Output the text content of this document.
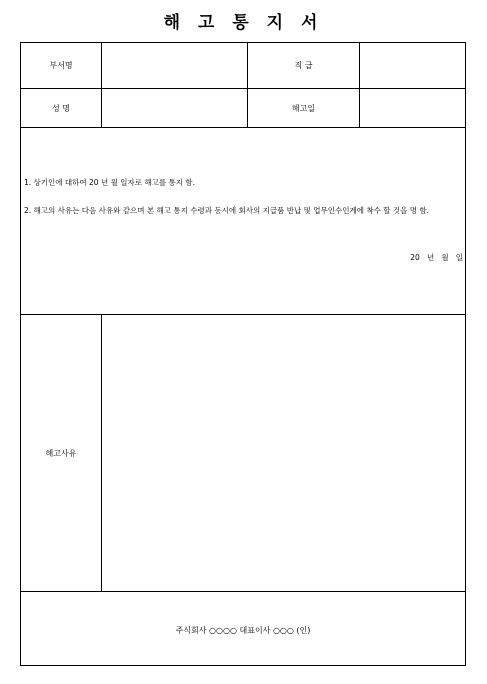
해 고 통 지 서
부서명	직 급
성 명	해고일
1. 상기인에 대하여 20 년 월 일자로 해고를 통지 함.
2. 해고의 사유는 다음 사유와 같으며 본 해고 통지 수령과 동시에 회사의 지급품 반납 및 업무인수인계에 착수 할 것을 명 함.
20   년   월   일
해고사유
주식회사 ○○○○ 대표이사 ○○○ (인)
